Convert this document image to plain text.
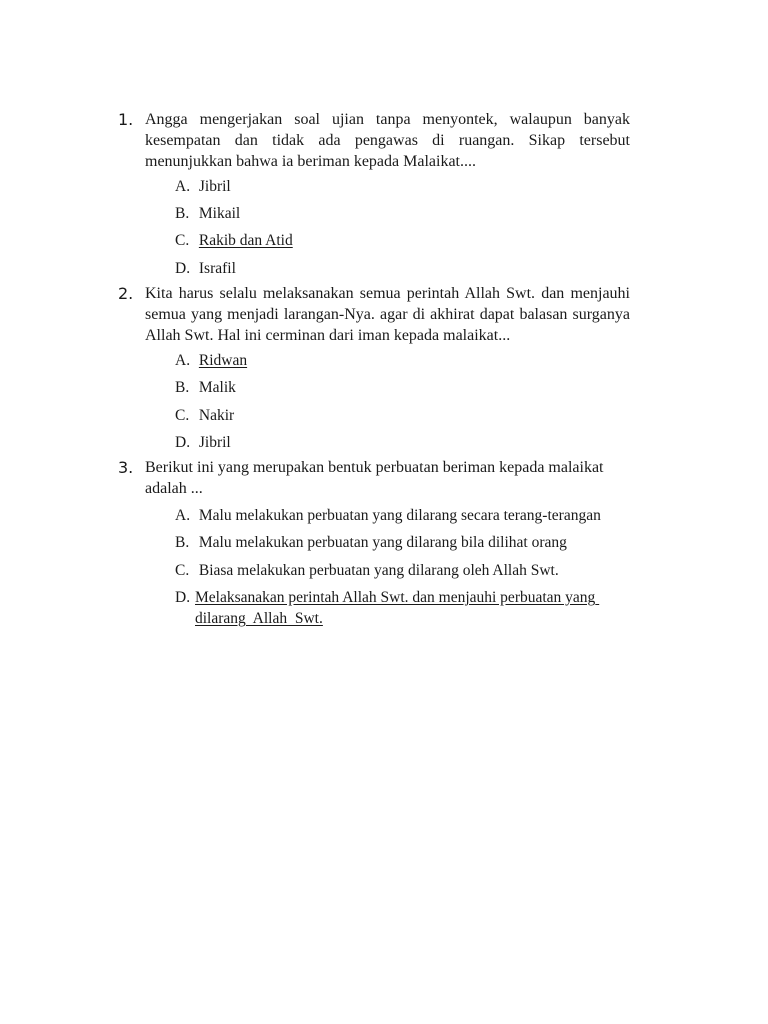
1. Angga mengerjakan soal ujian tanpa menyontek, walaupun banyak kesempatan dan tidak ada pengawas di ruangan. Sikap tersebut menunjukkan bahwa ia beriman kepada Malaikat....
A. Jibril
B. Mikail
C. Rakib dan Atid
D. Israfil
2. Kita harus selalu melaksanakan semua perintah Allah Swt. dan menjauhi semua yang menjadi larangan-Nya. agar di akhirat dapat balasan surganya Allah Swt. Hal ini cerminan dari iman kepada malaikat...
A. Ridwan
B. Malik
C. Nakir
D. Jibril
3. Berikut ini yang merupakan bentuk perbuatan beriman kepada malaikat adalah ...
A. Malu melakukan perbuatan yang dilarang secara terang-terangan
B. Malu melakukan perbuatan yang dilarang bila dilihat orang
C. Biasa melakukan perbuatan yang dilarang oleh Allah Swt.
D. Melaksanakan perintah Allah Swt. dan menjauhi perbuatan yang dilarang  Allah  Swt.
